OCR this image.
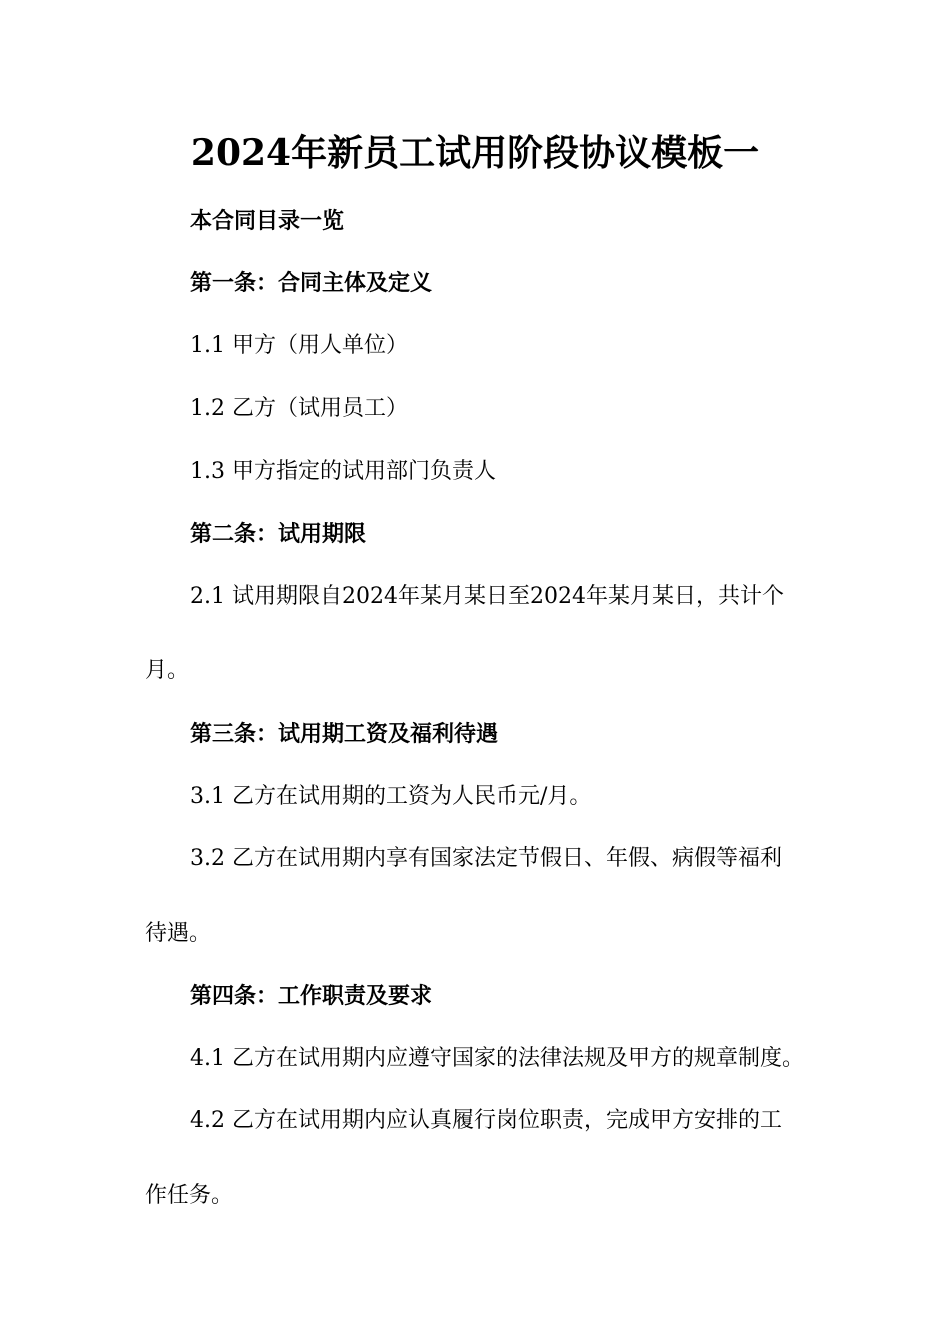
2024年新员工试用阶段协议模板一
本合同目录一览
第一条：合同主体及定义
1.1 甲方（用人单位）
1.2 乙方（试用员工）
1.3 甲方指定的试用部门负责人
第二条：试用期限
2.1 试用期限自2024年某月某日至2024年某月某日，共计个
月。
第三条：试用期工资及福利待遇
3.1 乙方在试用期的工资为人民币元/月。
3.2 乙方在试用期内享有国家法定节假日、年假、病假等福利
待遇。
第四条：工作职责及要求
4.1 乙方在试用期内应遵守国家的法律法规及甲方的规章制度。
4.2 乙方在试用期内应认真履行岗位职责，完成甲方安排的工
作任务。
